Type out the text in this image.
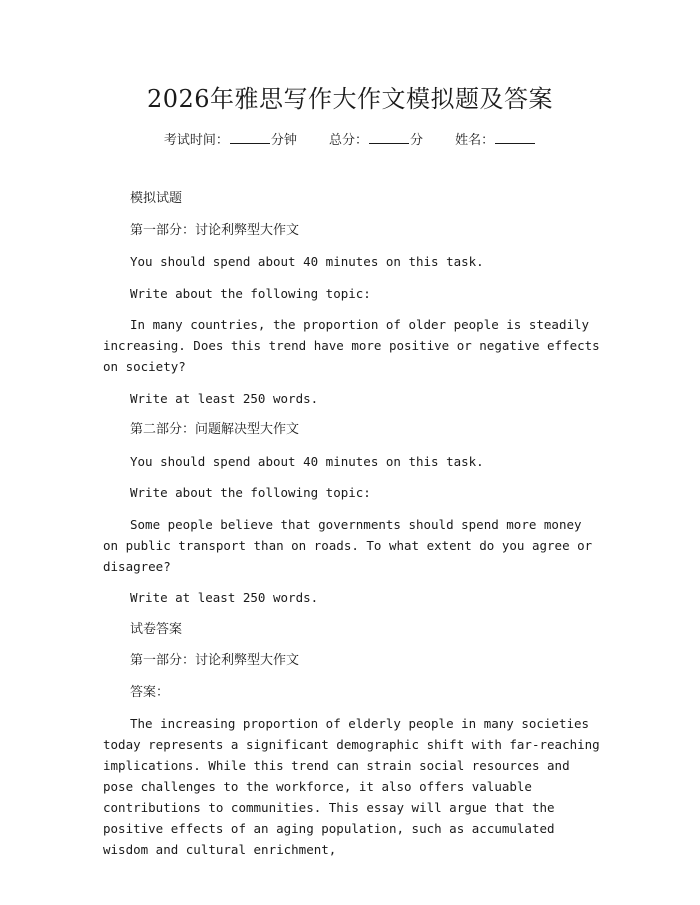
2026年雅思写作大作文模拟题及答案
考试时间：	分钟 总分：	分 姓名：

模拟试题

第一部分：讨论利弊型大作文

You should spend about 40 minutes on this task.

Write about the following topic:

In many countries, the proportion of older people is steadily increasing. Does this trend have more positive or negative effects on society?

Write at least 250 words.

第二部分：问题解决型大作文

You should spend about 40 minutes on this task.

Write about the following topic:

Some people believe that governments should spend more money on public transport than on roads. To what extent do you agree or disagree?

Write at least 250 words.

试卷答案

第一部分：讨论利弊型大作文

答案：

The increasing proportion of elderly people in many societies today represents a significant demographic shift with far-reaching implications. While this trend can strain social resources and pose challenges to the workforce, it also offers valuable contributions to communities. This essay will argue that the positive effects of an aging population, such as accumulated wisdom and cultural enrichment,
